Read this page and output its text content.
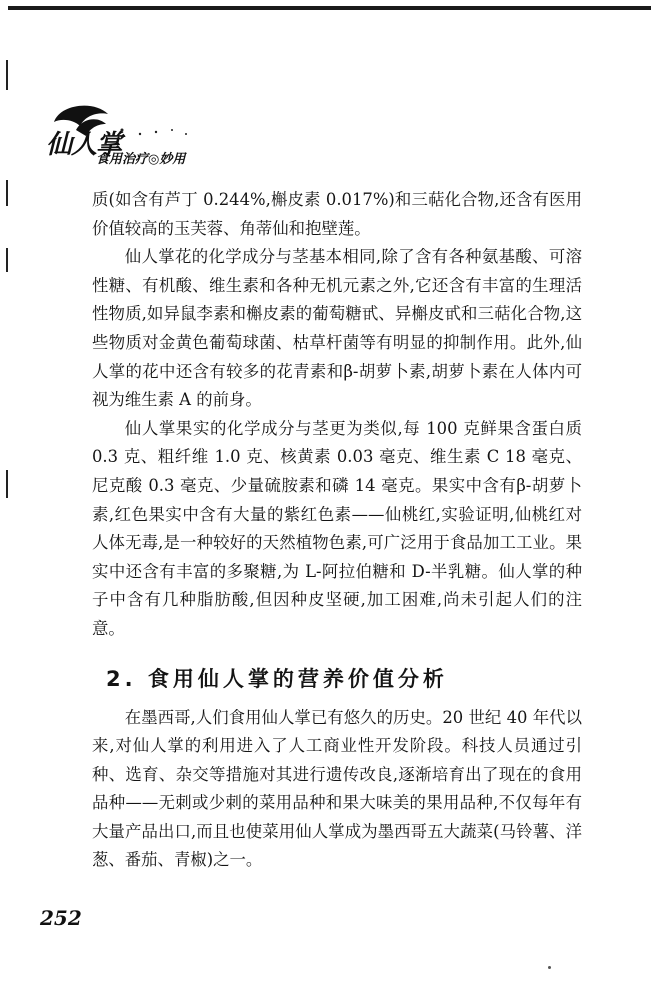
仙人掌
食用治疗◎妙用

质(如含有芦丁 0.244%,槲皮素 0.017%)和三萜化合物,还含有医用价值较高的玉芙蓉、角蒂仙和抱壁莲。

仙人掌花的化学成分与茎基本相同,除了含有各种氨基酸、可溶性糖、有机酸、维生素和各种无机元素之外,它还含有丰富的生理活性物质,如异鼠李素和槲皮素的葡萄糖甙、异槲皮甙和三萜化合物,这些物质对金黄色葡萄球菌、枯草杆菌等有明显的抑制作用。此外,仙人掌的花中还含有较多的花青素和β-胡萝卜素,胡萝卜素在人体内可视为维生素 A 的前身。

仙人掌果实的化学成分与茎更为类似,每 100 克鲜果含蛋白质 0.3 克、粗纤维 1.0 克、核黄素 0.03 毫克、维生素 C 18 毫克、尼克酸 0.3 毫克、少量硫胺素和磷 14 毫克。果实中含有β-胡萝卜素,红色果实中含有大量的紫红色素——仙桃红,实验证明,仙桃红对人体无毒,是一种较好的天然植物色素,可广泛用于食品加工工业。果实中还含有丰富的多聚糖,为 L-阿拉伯糖和 D-半乳糖。仙人掌的种子中含有几种脂肪酸,但因种皮坚硬,加工困难,尚未引起人们的注意。

2. 食用仙人掌的营养价值分析

在墨西哥,人们食用仙人掌已有悠久的历史。20 世纪 40 年代以来,对仙人掌的利用进入了人工商业性开发阶段。科技人员通过引种、选育、杂交等措施对其进行遗传改良,逐渐培育出了现在的食用品种——无刺或少刺的菜用品种和果大味美的果用品种,不仅每年有大量产品出口,而且也使菜用仙人掌成为墨西哥五大蔬菜(马铃薯、洋葱、番茄、青椒)之一。

252
